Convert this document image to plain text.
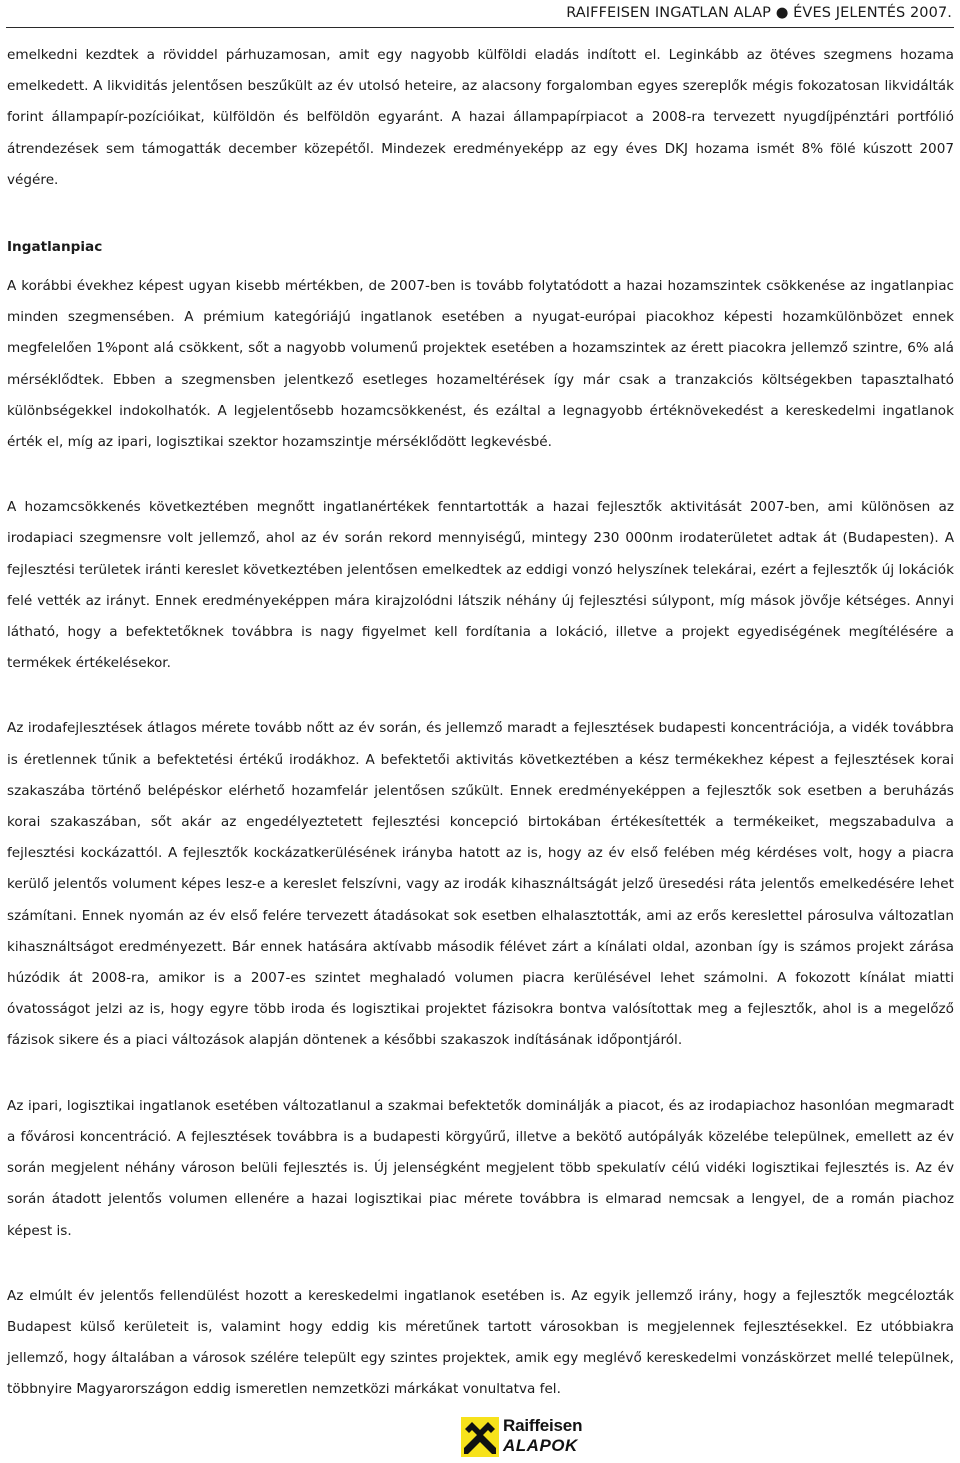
RAIFFEISEN INGATLAN ALAP ● ÉVES JELENTÉS 2007.

emelkedni kezdtek a röviddel párhuzamosan, amit egy nagyobb külföldi eladás indított el. Leginkább az ötéves szegmens hozama emelkedett. A likviditás jelentősen beszűkült az év utolsó heteire, az alacsony forgalomban egyes szereplők mégis fokozatosan likvidálták forint állampapír-pozícióikat, külföldön és belföldön egyaránt. A hazai állampapírpiacot a 2008-ra tervezett nyugdíjpénztári portfólió átrendezések sem támogatták december közepétől. Mindezek eredményeképp az egy éves DKJ hozama ismét 8% fölé kúszott 2007 végére.

Ingatlanpiac

A korábbi évekhez képest ugyan kisebb mértékben, de 2007-ben is tovább folytatódott a hazai hozamszintek csökkenése az ingatlanpiac minden szegmensében. A prémium kategóriájú ingatlanok esetében a nyugat-európai piacokhoz képesti hozamkülönbözet ennek megfelelően 1%pont alá csökkent, sőt a nagyobb volumenű projektek esetében a hozamszintek az érett piacokra jellemző szintre, 6% alá mérséklődtek. Ebben a szegmensben jelentkező esetleges hozameltérések így már csak a tranzakciós költségekben tapasztalható különbségekkel indokolhatók. A legjelentősebb hozamcsökkenést, és ezáltal a legnagyobb értéknövekedést a kereskedelmi ingatlanok érték el, míg az ipari, logisztikai szektor hozamszintje mérséklődött legkevésbé.

A hozamcsökkenés következtében megnőtt ingatlanértékek fenntartották a hazai fejlesztők aktivitását 2007-ben, ami különösen az irodapiaci szegmensre volt jellemző, ahol az év során rekord mennyiségű, mintegy 230 000nm irodaterületet adtak át (Budapesten). A fejlesztési területek iránti kereslet következtében jelentősen emelkedtek az eddigi vonzó helyszínek telekárai, ezért a fejlesztők új lokációk felé vették az irányt. Ennek eredményeképpen mára kirajzolódni látszik néhány új fejlesztési súlypont, míg mások jövője kétséges. Annyi látható, hogy a befektetőknek továbbra is nagy figyelmet kell fordítania a lokáció, illetve a projekt egyediségének megítélésére a termékek értékelésekor.

Az irodafejlesztések átlagos mérete tovább nőtt az év során, és jellemző maradt a fejlesztések budapesti koncentrációja, a vidék továbbra is éretlennek tűnik a befektetési értékű irodákhoz. A befektetői aktivitás következtében a kész termékekhez képest a fejlesztések korai szakaszába történő belépéskor elérhető hozamfelár jelentősen szűkült. Ennek eredményeképpen a fejlesztők sok esetben a beruházás korai szakaszában, sőt akár az engedélyeztetett fejlesztési koncepció birtokában értékesítették a termékeiket, megszabadulva a fejlesztési kockázattól. A fejlesztők kockázatkerülésének irányba hatott az is, hogy az év első felében még kérdéses volt, hogy a piacra kerülő jelentős volument képes lesz-e a kereslet felszívni, vagy az irodák kihasználtságát jelző üresedési ráta jelentős emelkedésére lehet számítani. Ennek nyomán az év első felére tervezett átadásokat sok esetben elhalasztották, ami az erős kereslettel párosulva változatlan kihasználtságot eredményezett. Bár ennek hatására aktívabb második félévet zárt a kínálati oldal, azonban így is számos projekt zárása húzódik át 2008-ra, amikor is a 2007-es szintet meghaladó volumen piacra kerülésével lehet számolni. A fokozott kínálat miatti óvatosságot jelzi az is, hogy egyre több iroda és logisztikai projektet fázisokra bontva valósítottak meg a fejlesztők, ahol is a megelőző fázisok sikere és a piaci változások alapján döntenek a későbbi szakaszok indításának időpontjáról.

Az ipari, logisztikai ingatlanok esetében változatlanul a szakmai befektetők dominálják a piacot, és az irodapiachoz hasonlóan megmaradt a fővárosi koncentráció. A fejlesztések továbbra is a budapesti körgyűrű, illetve a bekötő autópályák közelébe települnek, emellett az év során megjelent néhány városon belüli fejlesztés is. Új jelenségként megjelent több spekulatív célú vidéki logisztikai fejlesztés is. Az év során átadott jelentős volumen ellenére a hazai logisztikai piac mérete továbbra is elmarad nemcsak a lengyel, de a román piachoz képest is.

Az elmúlt év jelentős fellendülést hozott a kereskedelmi ingatlanok esetében is. Az egyik jellemző irány, hogy a fejlesztők megcélozták Budapest külső kerületeit is, valamint hogy eddig kis méretűnek tartott városokban is megjelennek fejlesztésekkel. Ez utóbbiakra jellemző, hogy általában a városok szélére települt egy szintes projektek, amik egy meglévő kereskedelmi vonzáskörzet mellé települnek, többnyire Magyarországon eddig ismeretlen nemzetközi márkákat vonultatva fel.

Raiffeisen
ALAPOK
